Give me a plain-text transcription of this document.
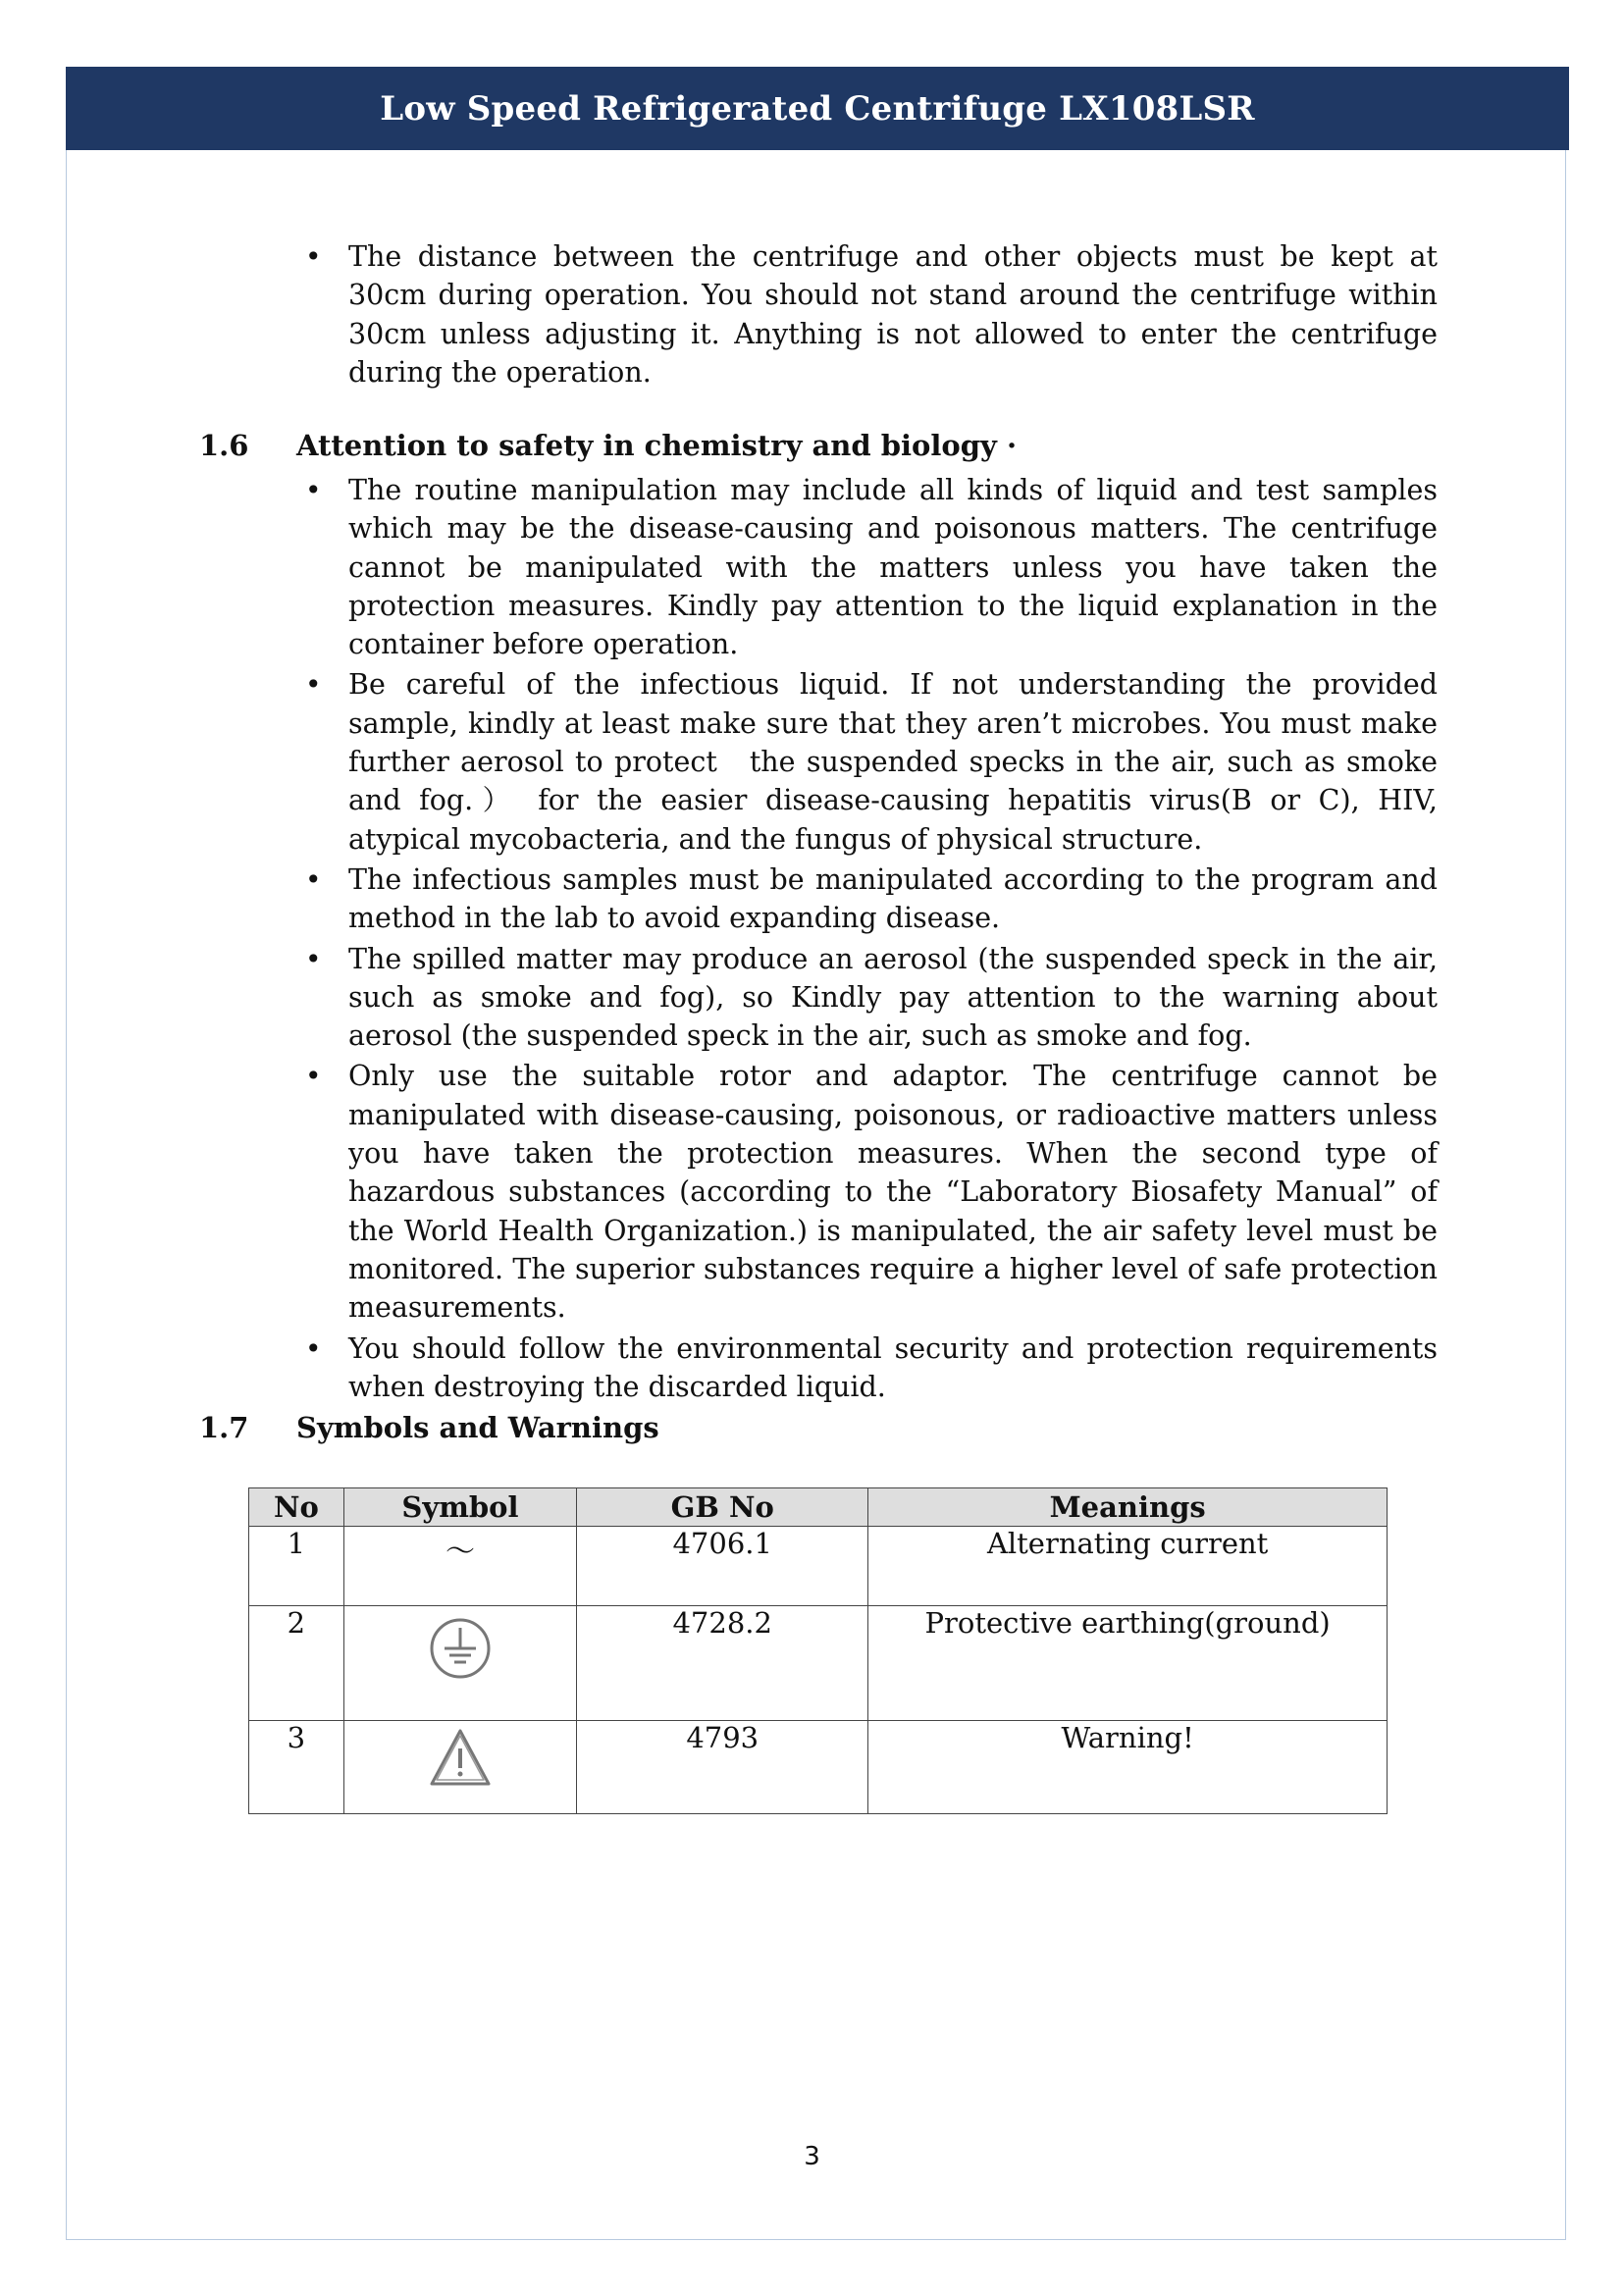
Low Speed Refrigerated Centrifuge LX108LSR
• The distance between the centrifuge and other objects must be kept at 30cm during operation. You should not stand around the centrifuge within 30cm unless adjusting it. Anything is not allowed to enter the centrifuge during the operation.
1.6	Attention to safety in chemistry and biology ·
• The routine manipulation may include all kinds of liquid and test samples which may be the disease-causing and poisonous matters. The centrifuge cannot be manipulated with the matters unless you have taken the protection measures. Kindly pay attention to the liquid explanation in the container before operation.
• Be careful of the infectious liquid. If not understanding the provided sample, kindly at least make sure that they aren’t microbes. You must make further aerosol to protect　the suspended specks in the air, such as smoke and fog.） for the easier disease-causing hepatitis virus(B or C), HIV, atypical mycobacteria, and the fungus of physical structure.
• The infectious samples must be manipulated according to the program and method in the lab to avoid expanding disease.
• The spilled matter may produce an aerosol (the suspended speck in the air, such as smoke and fog), so Kindly pay attention to the warning about aerosol (the suspended speck in the air, such as smoke and fog.
• Only use the suitable rotor and adaptor. The centrifuge cannot be manipulated with disease-causing, poisonous, or radioactive matters unless you have taken the protection measures. When the second type of hazardous substances (according to the “Laboratory Biosafety Manual” of the World Health Organization.) is manipulated, the air safety level must be monitored. The superior substances require a higher level of safe protection measurements.
• You should follow the environmental security and protection requirements when destroying the discarded liquid.
1.7	Symbols and Warnings
No	Symbol	GB No	Meanings
1	～	4706.1	Alternating current
2		4728.2	Protective earthing(ground)
3		4793	Warning!
3
